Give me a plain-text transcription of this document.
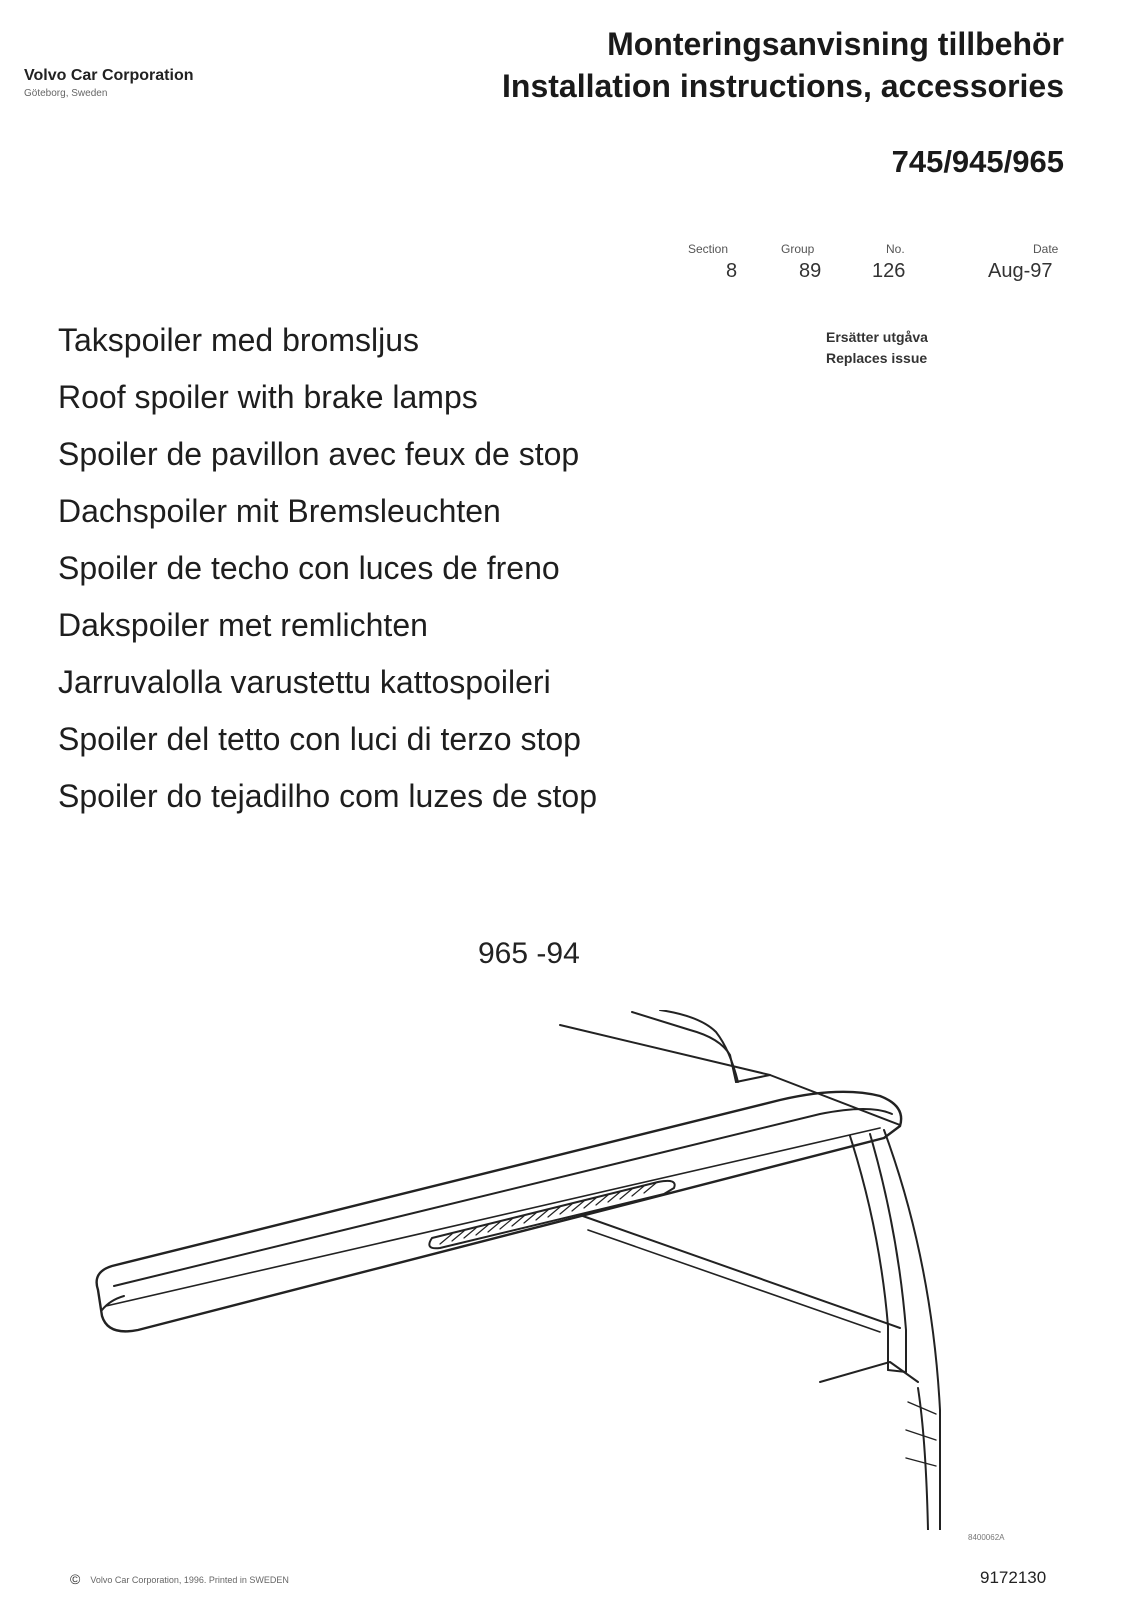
Volvo Car Corporation
Göteborg, Sweden
Monteringsanvisning tillbehör
Installation instructions, accessories
745/945/965
Section
8
Group
89
No.
126
Date
Aug-97
Ersätter utgåva
Replaces issue
Takspoiler med bromsljus
Roof spoiler with brake lamps
Spoiler de pavillon avec feux de stop
Dachspoiler mit Bremsleuchten
Spoiler de techo con luces de freno
Dakspoiler met remlichten
Jarruvalolla varustettu kattospoileri
Spoiler del tetto con luci di terzo stop
Spoiler do tejadilho com luzes de stop
965 -94
8400062A
© Volvo Car Corporation, 1996. Printed in SWEDEN	9172130
